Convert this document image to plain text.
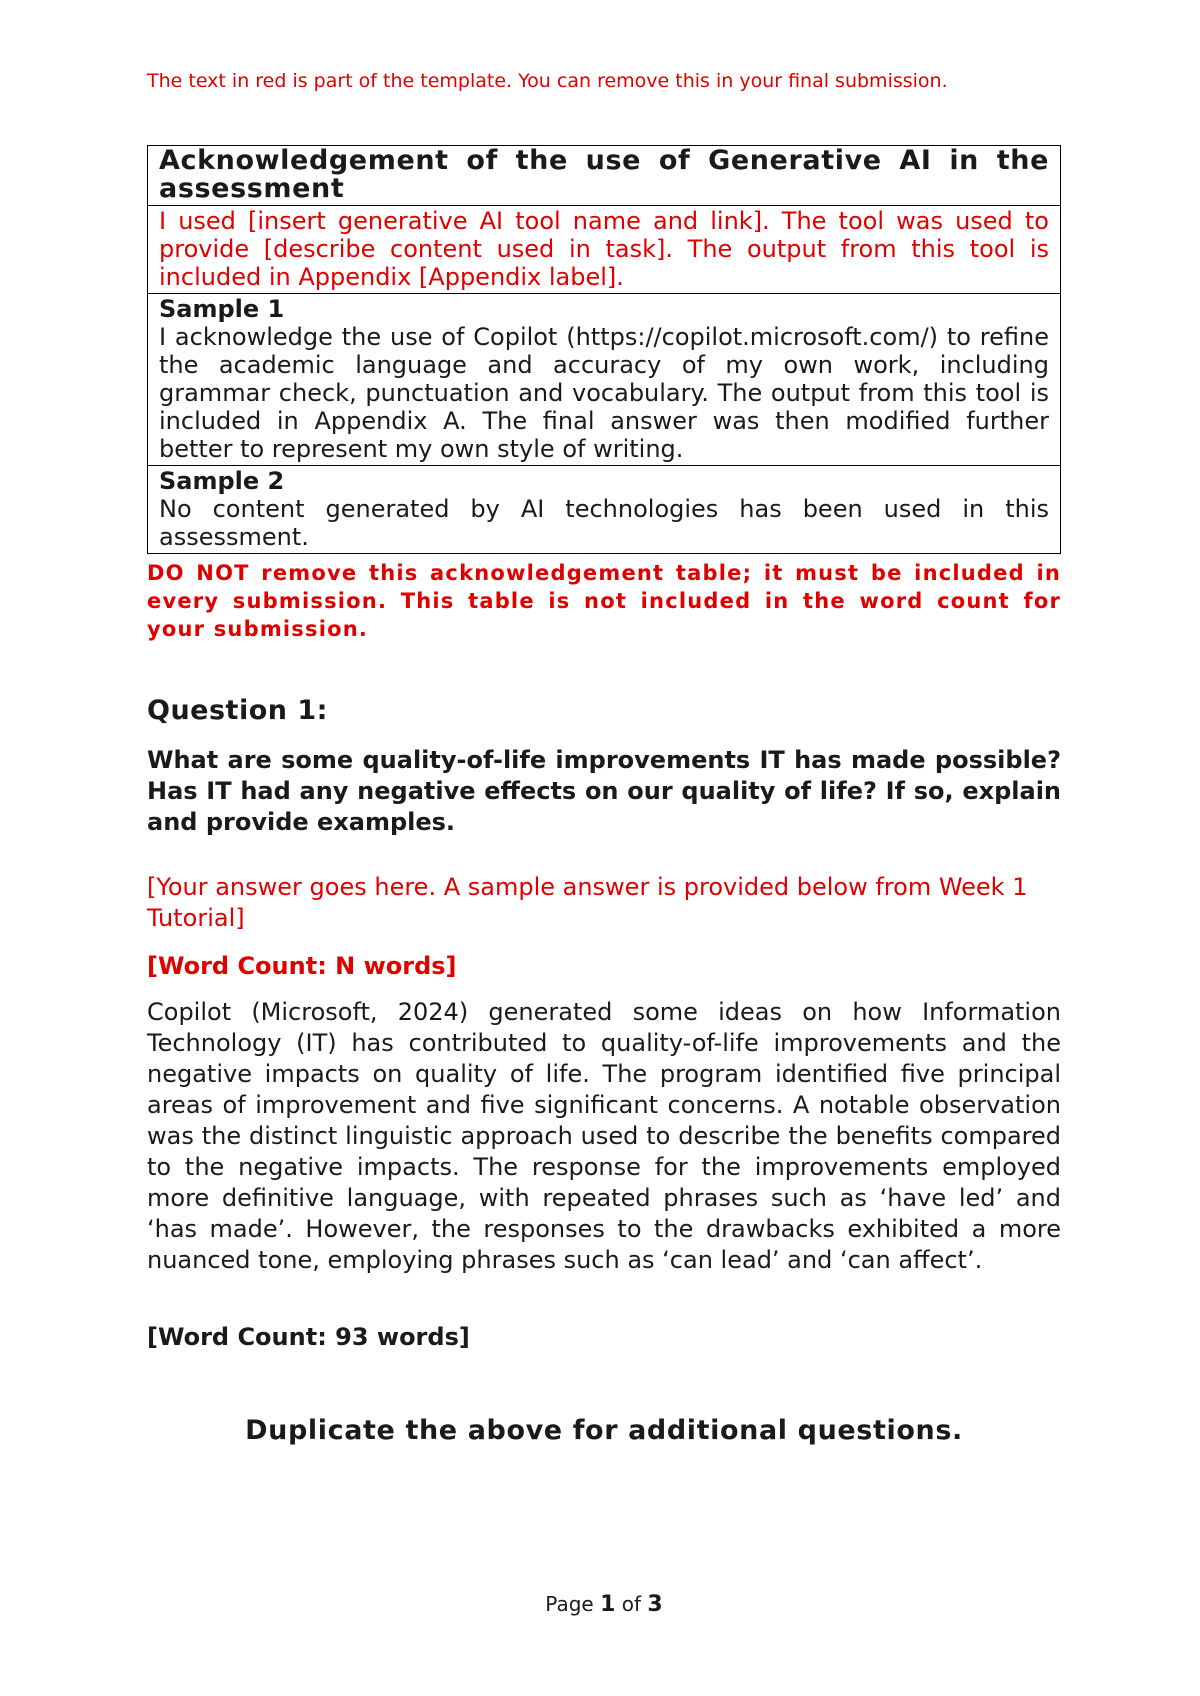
The text in red is part of the template. You can remove this in your final submission.
Acknowledgement of the use of Generative AI in the assessment
I used [insert generative AI tool name and link]. The tool was used to provide [describe content used in task]. The output from this tool is included in Appendix [Appendix label].

Sample 1
I acknowledge the use of Copilot (https://copilot.microsoft.com/) to refine the academic language and accuracy of my own work, including grammar check, punctuation and vocabulary. The output from this tool is included in Appendix A. The final answer was then modified further better to represent my own style of writing.

Sample 2
No content generated by AI technologies has been used in this assessment.
DO NOT remove this acknowledgement table; it must be included in every submission. This table is not included in the word count for your submission.
Question 1:
What are some quality-of-life improvements IT has made possible? Has IT had any negative effects on our quality of life? If so, explain and provide examples.
[Your answer goes here. A sample answer is provided below from Week 1 Tutorial]
[Word Count: N words]
Copilot (Microsoft, 2024) generated some ideas on how Information Technology (IT) has contributed to quality-of-life improvements and the negative impacts on quality of life. The program identified five principal areas of improvement and five significant concerns. A notable observation was the distinct linguistic approach used to describe the benefits compared to the negative impacts. The response for the improvements employed more definitive language, with repeated phrases such as ‘have led’ and ‘has made’. However, the responses to the drawbacks exhibited a more nuanced tone, employing phrases such as ‘can lead’ and ‘can affect’.
[Word Count: 93 words]
Duplicate the above for additional questions.
Page 1 of 3
